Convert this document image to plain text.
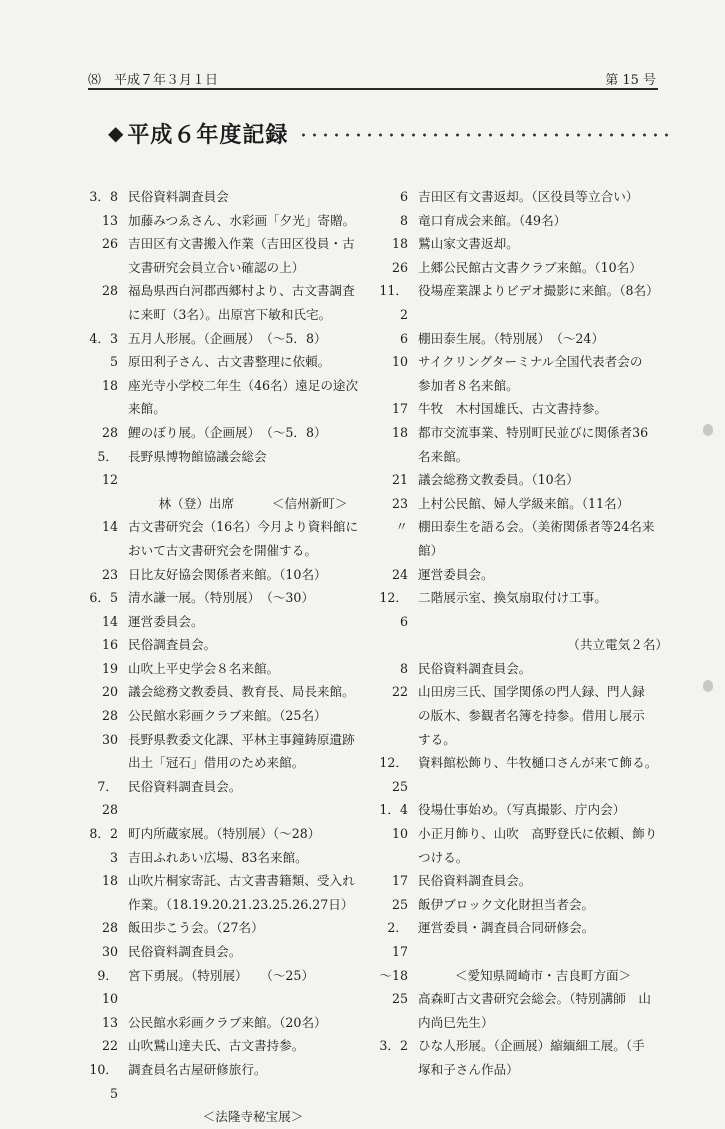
⑻　平成７年３月１日	第 15 号
◆ 平成６年度記録
3．8 民俗資料調査員会
13 加藤みつゑさん、水彩画「夕光」寄贈。
26 吉田区有文書搬入作業（吉田区役員・古
文書研究会員立合い確認の上）
28 福島県西白河郡西郷村より、古文書調査
に来町（3名）。出原宮下敏和氏宅。
4．3 五月人形展。（企画展）　（～5．8）
5 原田利子さん、古文書整理に依頼。
18 座光寺小学校二年生（46名）遠足の途次
来館。
28 鯉のぼり展。（企画展）　（～5．8）
5．12
長野県博物館協議会総会
林（登）出席　　　＜信州新町＞
14 古文書研究会（16名）今月より資料館に
おいて古文書研究会を開催する。
23 日比友好協会関係者来館。（10名）
6．5 清水謙一展。（特別展）　（～30）
14 運営委員会。
16 民俗調査員会。
19 山吹上平史学会８名来館。
20 議会総務文教委員、教育長、局長来館。
28 公民館水彩画クラブ来館。（25名）
30 長野県教委文化課、平林主事鐘鋳原遺跡
出土「冠石」借用のため来館。
7．28
民俗資料調査員会。
8．2 町内所蔵家展。（特別展）（～28）
3 吉田ふれあい広場、83名来館。
18 山吹片桐家寄託、古文書書籍類、受入れ
作業。（18.19.20.21.23.25.26.27日）
28 飯田歩こう会。（27名）
30 民俗資料調査員会。
9．10
宮下勇展。（特別展）　　（～25）
13 公民館水彩画クラブ来館。（20名）
22 山吹鷲山達夫氏、古文書持参。
10．5
調査員名古屋研修旅行。
＜法隆寺秘宝展＞
6 吉田区有文書返却。（区役員等立合い）
8 竜口育成会来館。（49名）
18 鷲山家文書返却。
26 上郷公民館古文書クラブ来館。（10名）
11．2
役場産業課よりビデオ撮影に来館。（8名）
6 棚田泰生展。（特別展）　（～24）
10 サイクリングターミナル全国代表者会の
参加者８名来館。
17 牛牧　木村国雄氏、古文書持参。
18 都市交流事業、特別町民並びに関係者36
名来館。
21 議会総務文教委員。（10名）
23 上村公民館、婦人学級来館。（11名）
〃 棚田泰生を語る会。（美術関係者等24名来
館）
24 運営委員会。
12．6
二階展示室、換気扇取付け工事。
（共立電気２名）
8 民俗資料調査員会。
22 山田房三氏、国学関係の門人録、門人録
の版木、参観者名簿を持参。借用し展示
する。
12．25
資料館松飾り、牛牧樋口さんが来て飾る。
1．4 役場仕事始め。（写真撮影、庁内会）
10 小正月飾り、山吹　高野登氏に依頼、飾り
つける。
17 民俗資料調査員会。
25 飯伊ブロック文化財担当者会。
2．17
運営委員・調査員合同研修会。
～18	＜愛知県岡崎市・吉良町方面＞
25 高森町古文書研究会総会。（特別講師　山
内尚巳先生）
3．2 ひな人形展。（企画展）縮緬細工展。（手
塚和子さん作品）
